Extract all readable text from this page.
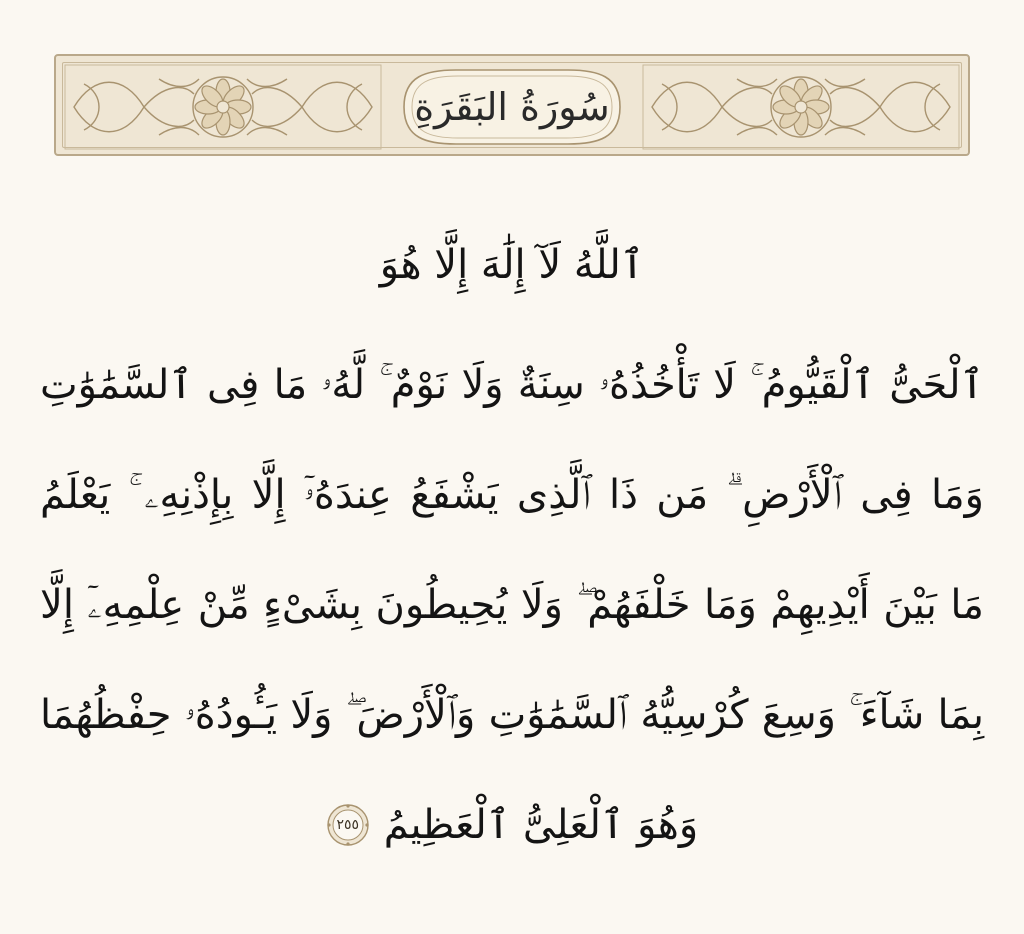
سُورَةُ البَقَرَةِ
ٱللَّهُ لَآ إِلَٰهَ إِلَّا هُوَ
ٱلْحَىُّ ٱلْقَيُّومُ ۚ لَا تَأْخُذُهُۥ سِنَةٌ وَلَا نَوْمٌ ۚ لَّهُۥ مَا فِى ٱلسَّمَٰوَٰتِ
وَمَا فِى ٱلْأَرْضِ ۗ مَن ذَا ٱلَّذِى يَشْفَعُ عِندَهُۥٓ إِلَّا بِإِذْنِهِۦ ۚ يَعْلَمُ
مَا بَيْنَ أَيْدِيهِمْ وَمَا خَلْفَهُمْ ۖ وَلَا يُحِيطُونَ بِشَىْءٍ مِّنْ عِلْمِهِۦٓ إِلَّا
بِمَا شَآءَ ۚ وَسِعَ كُرْسِيُّهُ ٱلسَّمَٰوَٰتِ وَٱلْأَرْضَ ۖ وَلَا يَـُٔودُهُۥ حِفْظُهُمَا
وَهُوَ ٱلْعَلِىُّ ٱلْعَظِيمُ
٢٥٥
